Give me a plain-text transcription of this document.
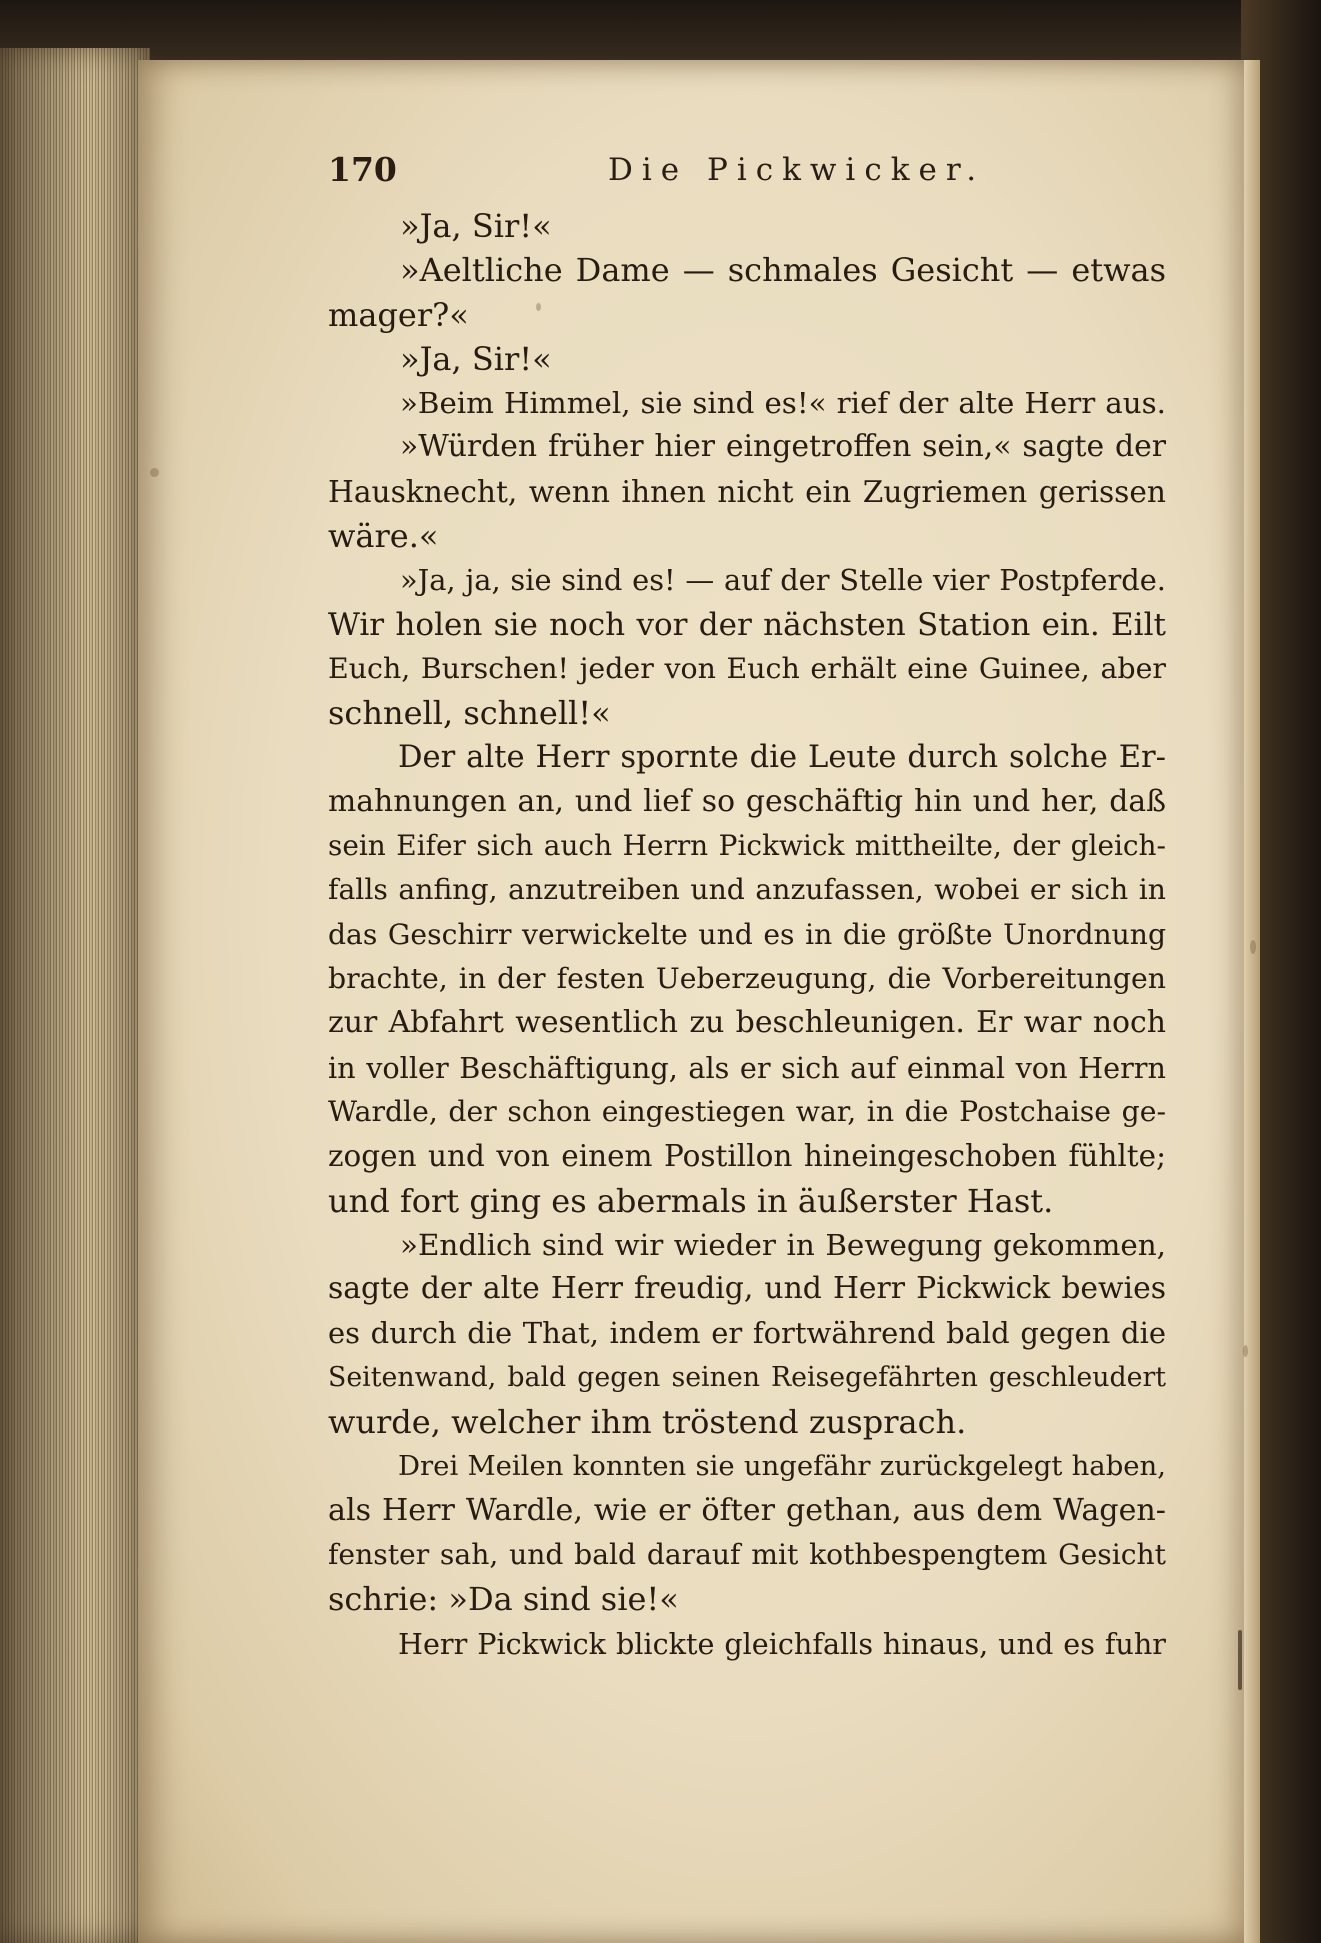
170	Die Pickwicker.
»Ja, Sir!«
»Aeltliche Dame — schmales Gesicht — etwas
mager?«
»Ja, Sir!«
»Beim Himmel, sie sind es!« rief der alte Herr aus.
»Würden früher hier eingetroffen sein,« sagte der
Hausknecht, wenn ihnen nicht ein Zugriemen gerissen
wäre.«
»Ja, ja, sie sind es! — auf der Stelle vier Postpferde.
Wir holen sie noch vor der nächsten Station ein. Eilt
Euch, Burschen! jeder von Euch erhält eine Guinee, aber
schnell, schnell!«
Der alte Herr spornte die Leute durch solche Er-
mahnungen an, und lief so geschäftig hin und her, daß
sein Eifer sich auch Herrn Pickwick mittheilte, der gleich-
falls anfing, anzutreiben und anzufassen, wobei er sich in
das Geschirr verwickelte und es in die größte Unordnung
brachte, in der festen Ueberzeugung, die Vorbereitungen
zur Abfahrt wesentlich zu beschleunigen. Er war noch
in voller Beschäftigung, als er sich auf einmal von Herrn
Wardle, der schon eingestiegen war, in die Postchaise ge-
zogen und von einem Postillon hineingeschoben fühlte;
und fort ging es abermals in äußerster Hast.
»Endlich sind wir wieder in Bewegung gekommen,
sagte der alte Herr freudig, und Herr Pickwick bewies
es durch die That, indem er fortwährend bald gegen die
Seitenwand, bald gegen seinen Reisegefährten geschleudert
wurde, welcher ihm tröstend zusprach.
Drei Meilen konnten sie ungefähr zurückgelegt haben,
als Herr Wardle, wie er öfter gethan, aus dem Wagen-
fenster sah, und bald darauf mit kothbespengtem Gesicht
schrie: »Da sind sie!«
Herr Pickwick blickte gleichfalls hinaus, und es fuhr
